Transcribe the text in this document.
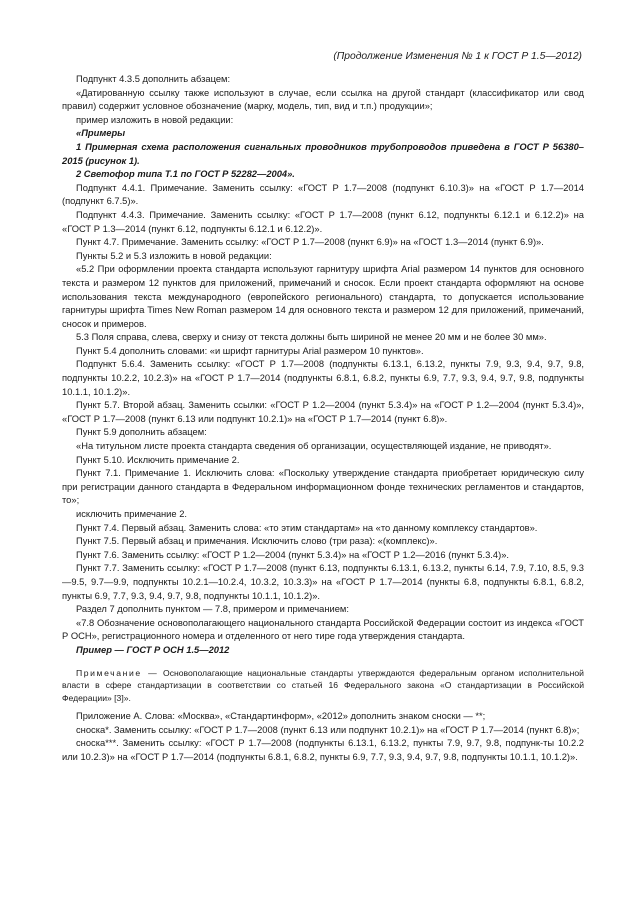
(Продолжение Изменения № 1 к ГОСТ Р 1.5—2012)

Подпункт 4.3.5 дополнить абзацем:

«Датированную ссылку также используют в случае, если ссылка на другой стандарт (классификатор или свод правил) содержит условное обозначение (марку, модель, тип, вид и т.п.) продукции»;

пример изложить в новой редакции:

«Примеры

1 Примерная схема расположения сигнальных проводников трубопроводов приведена в ГОСТ Р 56380–2015 (рисунок 1).

2 Светофор типа Т.1 по ГОСТ Р 52282—2004».

Подпункт 4.4.1. Примечание. Заменить ссылку: «ГОСТ Р 1.7—2008 (подпункт 6.10.3)» на «ГОСТ Р 1.7—2014 (подпункт 6.7.5)».

Подпункт 4.4.3. Примечание. Заменить ссылку: «ГОСТ Р 1.7—2008 (пункт 6.12, подпункты 6.12.1 и 6.12.2)» на «ГОСТ Р 1.3—2014 (пункт 6.12, подпункты 6.12.1 и 6.12.2)».

Пункт 4.7. Примечание. Заменить ссылку: «ГОСТ Р 1.7—2008 (пункт 6.9)» на «ГОСТ 1.3—2014 (пункт 6.9)».

Пункты 5.2 и 5.3 изложить в новой редакции:

«5.2 При оформлении проекта стандарта используют гарнитуру шрифта Arial размером 14 пунктов для основного текста и размером 12 пунктов для приложений, примечаний и сносок. Если проект стандарта оформляют на основе использования текста международного (европейского регионального) стандарта, то допускается использование гарнитуры шрифта Times New Roman размером 14 для основного текста и размером 12 для приложений, примечаний, сносок и примеров.

5.3 Поля справа, слева, сверху и снизу от текста должны быть шириной не менее 20 мм и не более 30 мм».

Пункт 5.4 дополнить словами: «и шрифт гарнитуры Arial размером 10 пунктов».

Подпункт 5.6.4. Заменить ссылку: «ГОСТ Р 1.7—2008 (подпункты 6.13.1, 6.13.2, пункты 7.9, 9.3, 9.4, 9.7, 9.8, подпункты 10.2.2, 10.2.3)» на «ГОСТ Р 1.7—2014 (подпункты 6.8.1, 6.8.2, пункты 6.9, 7.7, 9.3, 9.4, 9.7, 9.8, подпункты 10.1.1, 10.1.2)».

Пункт 5.7. Второй абзац. Заменить ссылки: «ГОСТ Р 1.2—2004 (пункт 5.3.4)» на «ГОСТ Р 1.2—2004 (пункт 5.3.4)», «ГОСТ Р 1.7—2008 (пункт 6.13 или подпункт 10.2.1)» на «ГОСТ Р 1.7—2014 (пункт 6.8)».

Пункт 5.9 дополнить абзацем:

«На титульном листе проекта стандарта сведения об организации, осуществляющей издание, не приводят».

Пункт 5.10. Исключить примечание 2.

Пункт 7.1. Примечание 1. Исключить слова: «Поскольку утверждение стандарта приобретает юридическую силу при регистрации данного стандарта в Федеральном информационном фонде технических регламентов и стандартов, то»;

исключить примечание 2.

Пункт 7.4. Первый абзац. Заменить слова: «то этим стандартам» на «то данному комплексу стандартов».

Пункт 7.5. Первый абзац и примечания. Исключить слово (три раза): «(комплекс)».

Пункт 7.6. Заменить ссылку: «ГОСТ Р 1.2—2004 (пункт 5.3.4)» на «ГОСТ Р 1.2—2016 (пункт 5.3.4)».

Пункт 7.7. Заменить ссылку: «ГОСТ Р 1.7—2008 (пункт 6.13, подпункты 6.13.1, 6.13.2, пункты 6.14, 7.9, 7.10, 8.5, 9.3—9.5, 9.7—9.9, подпункты 10.2.1—10.2.4, 10.3.2, 10.3.3)» на «ГОСТ Р 1.7—2014 (пункты 6.8, подпункты 6.8.1, 6.8.2, пункты 6.9, 7.7, 9.3, 9.4, 9.7, 9.8, подпункты 10.1.1, 10.1.2)».

Раздел 7 дополнить пунктом — 7.8, примером и примечанием:

«7.8 Обозначение основополагающего национального стандарта Российской Федерации состоит из индекса «ГОСТ Р ОСН», регистрационного номера и отделенного от него тире года утверждения стандарта.

Пример — ГОСТ Р ОСН 1.5—2012

Примечание — Основополагающие национальные стандарты утверждаются федеральным органом исполнительной власти в сфере стандартизации в соответствии со статьей 16 Федерального закона «О стандартизации в Российской Федерации» [3]».

Приложение А. Слова: «Москва», «Стандартинформ», «2012» дополнить знаком сноски — **;

сноска*. Заменить ссылку: «ГОСТ Р 1.7—2008 (пункт 6.13 или подпункт 10.2.1)» на «ГОСТ Р 1.7—2014 (пункт 6.8)»;

сноска***. Заменить ссылку: «ГОСТ Р 1.7—2008 (подпункты 6.13.1, 6.13.2, пункты 7.9, 9.7, 9.8, подпунк-ты 10.2.2 или 10.2.3)» на «ГОСТ Р 1.7—2014 (подпункты 6.8.1, 6.8.2, пункты 6.9, 7.7, 9.3, 9.4, 9.7, 9.8, подпункты 10.1.1, 10.1.2)».
